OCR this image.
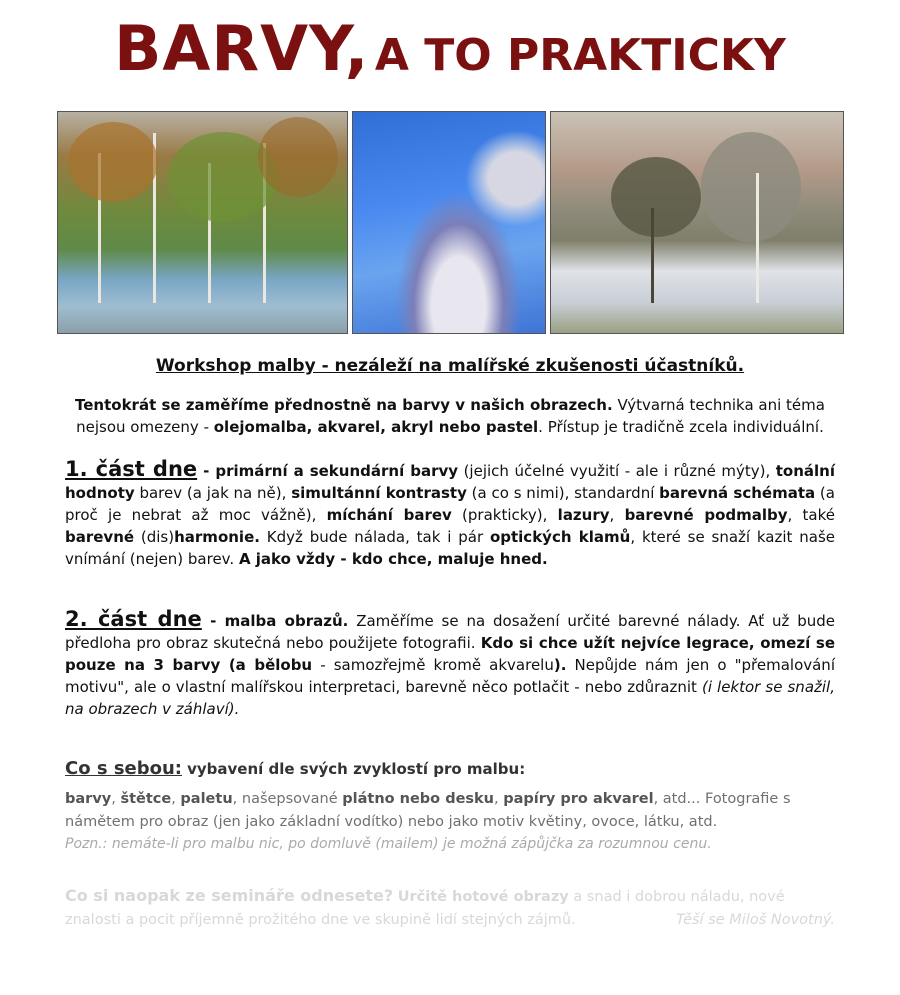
BARVY, A TO PRAKTICKY
Workshop malby - nezáleží na malířské zkušenosti účastníků.
Tentokrát se zaměříme přednostně na barvy v našich obrazech. Výtvarná technika ani téma nejsou omezeny - olejomalba, akvarel, akryl nebo pastel. Přístup je tradičně zcela individuální.
1. část dne - primární a sekundární barvy (jejich účelné využití - ale i různé mýty), tonální hodnoty barev (a jak na ně), simultánní kontrasty (a co s nimi), standardní barevná schémata (a proč je nebrat až moc vážně), míchání barev (prakticky), lazury, barevné podmalby, také barevné (dis)harmonie. Když bude nálada, tak i pár optických klamů, které se snaží kazit naše vnímání (nejen) barev. A jako vždy - kdo chce, maluje hned.
2. část dne - malba obrazů. Zaměříme se na dosažení určité barevné nálady. Ať už bude předloha pro obraz skutečná nebo použijete fotografii. Kdo si chce užít nejvíce legrace, omezí se pouze na 3 barvy (a bělobu - samozřejmě kromě akvarelu). Nepůjde nám jen o "přemalování motivu", ale o vlastní malířskou interpretaci, barevně něco potlačit - nebo zdůraznit (i lektor se snažil, na obrazech v záhlaví).
Co s sebou: vybavení dle svých zvyklostí pro malbu:
barvy, štětce, paletu, našepsované plátno nebo desku, papíry pro akvarel, atd... Fotografie s námětem pro obraz (jen jako základní vodítko) nebo jako motiv květiny, ovoce, látku, atd.
Pozn.: nemáte-li pro malbu nic, po domluvě (mailem) je možná zápůjčka za rozumnou cenu.
Co si naopak ze semináře odnesete? Určitě hotové obrazy a snad i dobrou náladu, nové znalosti a pocit příjemně prožitého dne ve skupině lidí stejných zájmů.	Těší se Miloš Novotný.
